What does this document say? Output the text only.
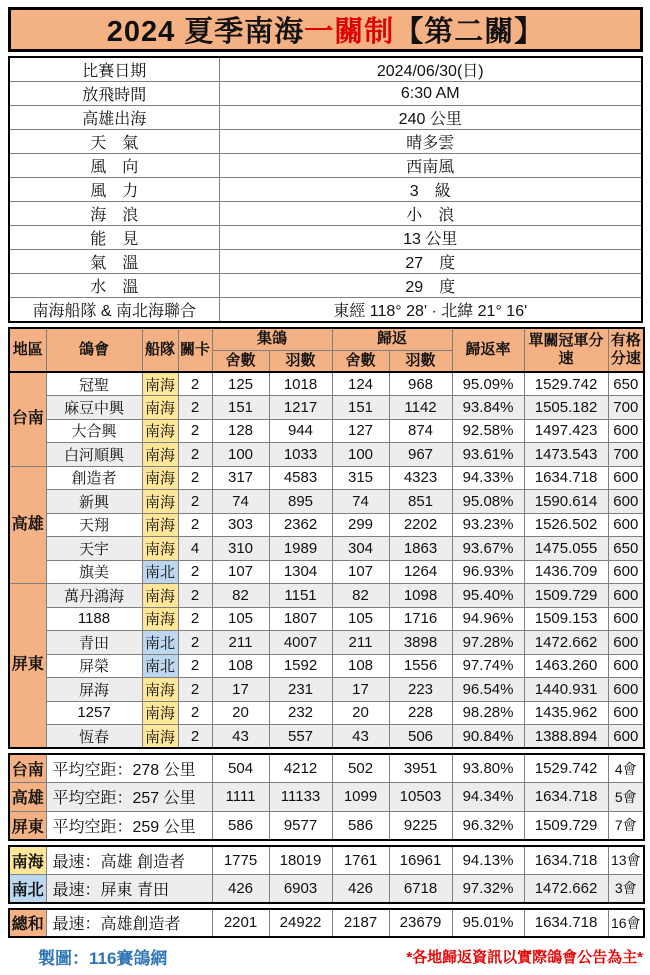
2024 夏季南海 一關制 【第二關】
比賽日期	2024/06/30(日)
放飛時間	6:30 AM
高雄出海	240 公里
天　氣	晴多雲
風　向	西南風
風　力	3　級
海　浪	小　浪
能　見	13 公里
氣　溫	27　度
水　溫	29　度
南海船隊 & 南北海聯合	東經 118° 28' · 北緯 21° 16'
地區	鴿會	船隊	關卡	集鴿		歸返		歸返率	單關冠軍分速	有格分速
				舍數	羽數	舍數	羽數			
台南	冠聖	南海	2	125	1018	124	968	95.09%	1529.742	650
	麻豆中興	南海	2	151	1217	151	1142	93.84%	1505.182	700
	大合興	南海	2	128	944	127	874	92.58%	1497.423	600
	白河順興	南海	2	100	1033	100	967	93.61%	1473.543	700
高雄	創造者	南海	2	317	4583	315	4323	94.33%	1634.718	600
	新興	南海	2	74	895	74	851	95.08%	1590.614	600
	天翔	南海	2	303	2362	299	2202	93.23%	1526.502	600
	天宇	南海	4	310	1989	304	1863	93.67%	1475.055	650
	旗美	南北	2	107	1304	107	1264	96.93%	1436.709	600
屏東	萬丹鴻海	南海	2	82	1151	82	1098	95.40%	1509.729	600
	1188	南海	2	105	1807	105	1716	94.96%	1509.153	600
	青田	南北	2	211	4007	211	3898	97.28%	1472.662	600
	屏榮	南北	2	108	1592	108	1556	97.74%	1463.260	600
	屏海	南海	2	17	231	17	223	96.54%	1440.931	600
	1257	南海	2	20	232	20	228	98.28%	1435.962	600
	恆春	南海	2	43	557	43	506	90.84%	1388.894	600
台南	平均空距：278 公里	504	4212	502	3951	93.80%	1529.742	4會
高雄	平均空距：257 公里	1111	11133	1099	10503	94.34%	1634.718	5會
屏東	平均空距：259 公里	586	9577	586	9225	96.32%	1509.729	7會
南海	最速：高雄 創造者	1775	18019	1761	16961	94.13%	1634.718	13會
南北	最速：屏東 青田	426	6903	426	6718	97.32%	1472.662	3會
總和	最速：高雄創造者	2201	24922	2187	23679	95.01%	1634.718	16會
製圖：116賽鴿網	*各地歸返資訊以實際鴿會公告為主*
